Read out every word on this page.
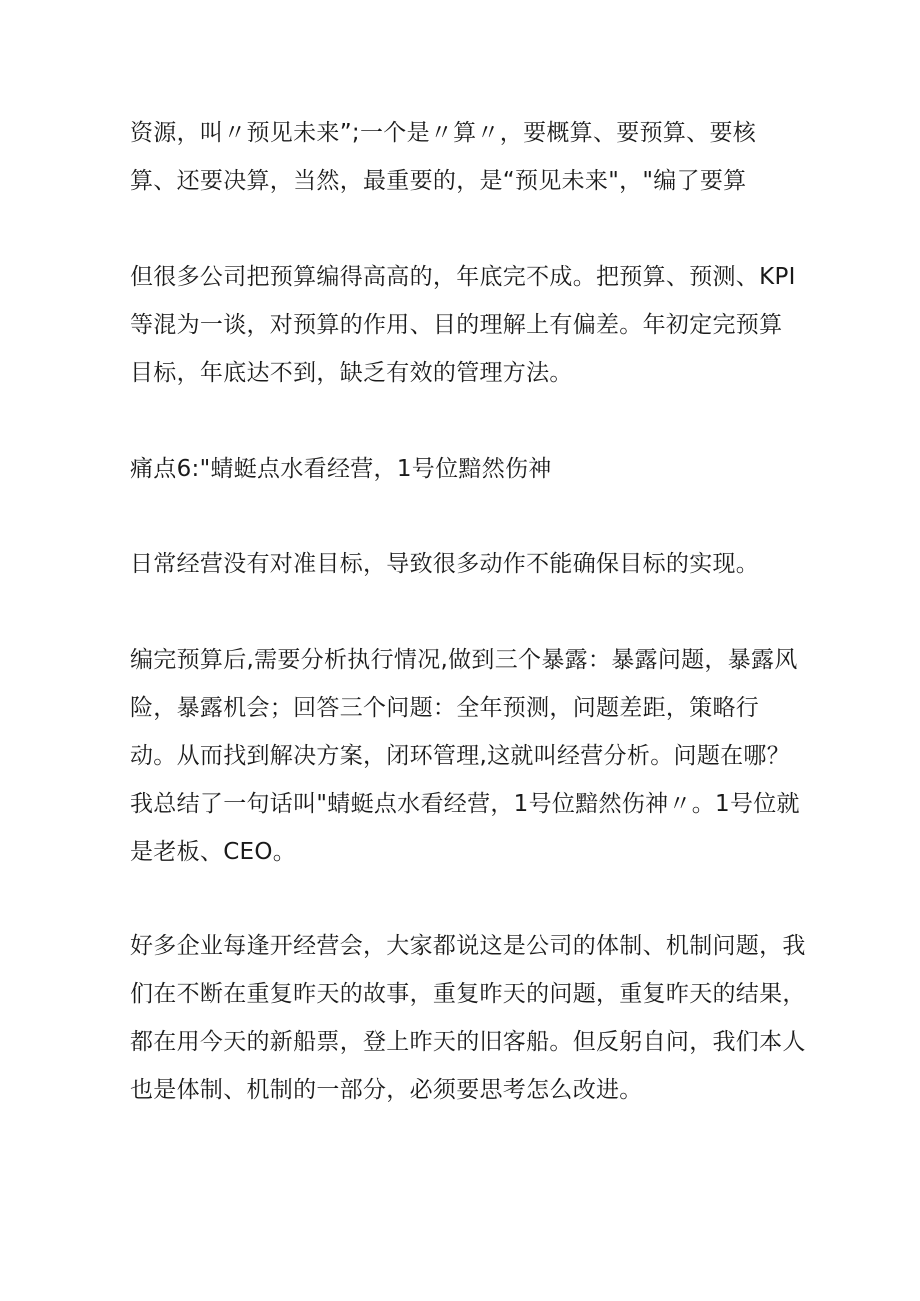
资源，叫〃预见未来”;一个是〃算〃，要概算、要预算、要核
算、还要决算，当然，最重要的，是“预见未来"，"编了要算

但很多公司把预算编得高高的，年底完不成。把预算、预测、KPI
等混为一谈，对预算的作用、目的理解上有偏差。年初定完预算
目标，年底达不到，缺乏有效的管理方法。

痛点6:"蜻蜓点水看经营，1号位黯然伤神

日常经营没有对准目标，导致很多动作不能确保目标的实现。

编完预算后,需要分析执行情况,做到三个暴露：暴露问题，暴露风
险，暴露机会；回答三个问题：全年预测，问题差距，策略行
动。从而找到解决方案，闭环管理,这就叫经营分析。问题在哪？
我总结了一句话叫"蜻蜓点水看经营，1号位黯然伤神〃。1号位就
是老板、CEO。

好多企业每逢开经营会，大家都说这是公司的体制、机制问题，我
们在不断在重复昨天的故事，重复昨天的问题，重复昨天的结果，
都在用今天的新船票，登上昨天的旧客船。但反躬自问，我们本人
也是体制、机制的一部分，必须要思考怎么改进。
